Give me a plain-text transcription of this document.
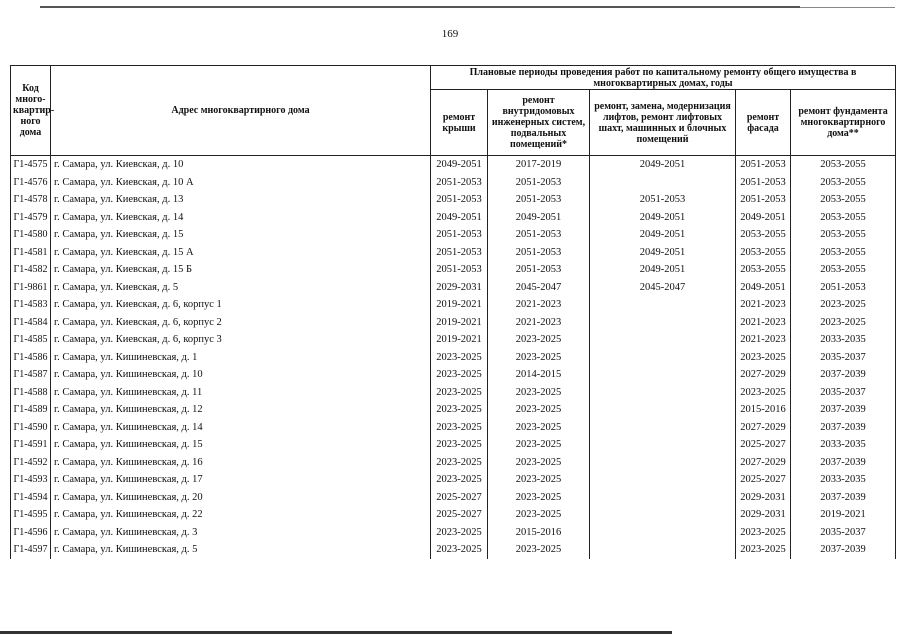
169
Код много-квартир-ного дома	Адрес многоквартирного дома	Плановые периоды проведения работ по капитальному ремонту общего имущества в многоквартирных домах, годы				
		ремонт крыши	ремонт внутридомовых инженерных систем, подвальных помещений*	ремонт, замена, модернизация лифтов, ремонт лифтовых шахт, машинных и блочных помещений	ремонт фасада	ремонт фундамента многоквартирного дома**
Г1-4575	г. Самара, ул. Киевская, д. 10	2049-2051	2017-2019	2049-2051	2051-2053	2053-2055
Г1-4576	г. Самара, ул. Киевская, д. 10 А	2051-2053	2051-2053		2051-2053	2053-2055
Г1-4578	г. Самара, ул. Киевская, д. 13	2051-2053	2051-2053	2051-2053	2051-2053	2053-2055
Г1-4579	г. Самара, ул. Киевская, д. 14	2049-2051	2049-2051	2049-2051	2049-2051	2053-2055
Г1-4580	г. Самара, ул. Киевская, д. 15	2051-2053	2051-2053	2049-2051	2053-2055	2053-2055
Г1-4581	г. Самара, ул. Киевская, д. 15 А	2051-2053	2051-2053	2049-2051	2053-2055	2053-2055
Г1-4582	г. Самара, ул. Киевская, д. 15 Б	2051-2053	2051-2053	2049-2051	2053-2055	2053-2055
Г1-9861	г. Самара, ул. Киевская, д. 5	2029-2031	2045-2047	2045-2047	2049-2051	2051-2053
Г1-4583	г. Самара, ул. Киевская, д. 6, корпус 1	2019-2021	2021-2023		2021-2023	2023-2025
Г1-4584	г. Самара, ул. Киевская, д. 6, корпус 2	2019-2021	2021-2023		2021-2023	2023-2025
Г1-4585	г. Самара, ул. Киевская, д. 6, корпус 3	2019-2021	2023-2025		2021-2023	2033-2035
Г1-4586	г. Самара, ул. Кишиневская, д. 1	2023-2025	2023-2025		2023-2025	2035-2037
Г1-4587	г. Самара, ул. Кишиневская, д. 10	2023-2025	2014-2015		2027-2029	2037-2039
Г1-4588	г. Самара, ул. Кишиневская, д. 11	2023-2025	2023-2025		2023-2025	2035-2037
Г1-4589	г. Самара, ул. Кишиневская, д. 12	2023-2025	2023-2025		2015-2016	2037-2039
Г1-4590	г. Самара, ул. Кишиневская, д. 14	2023-2025	2023-2025		2027-2029	2037-2039
Г1-4591	г. Самара, ул. Кишиневская, д. 15	2023-2025	2023-2025		2025-2027	2033-2035
Г1-4592	г. Самара, ул. Кишиневская, д. 16	2023-2025	2023-2025		2027-2029	2037-2039
Г1-4593	г. Самара, ул. Кишиневская, д. 17	2023-2025	2023-2025		2025-2027	2033-2035
Г1-4594	г. Самара, ул. Кишиневская, д. 20	2025-2027	2023-2025		2029-2031	2037-2039
Г1-4595	г. Самара, ул. Кишиневская, д. 22	2025-2027	2023-2025		2029-2031	2019-2021
Г1-4596	г. Самара, ул. Кишиневская, д. 3	2023-2025	2015-2016		2023-2025	2035-2037
Г1-4597	г. Самара, ул. Кишиневская, д. 5	2023-2025	2023-2025		2023-2025	2037-2039
